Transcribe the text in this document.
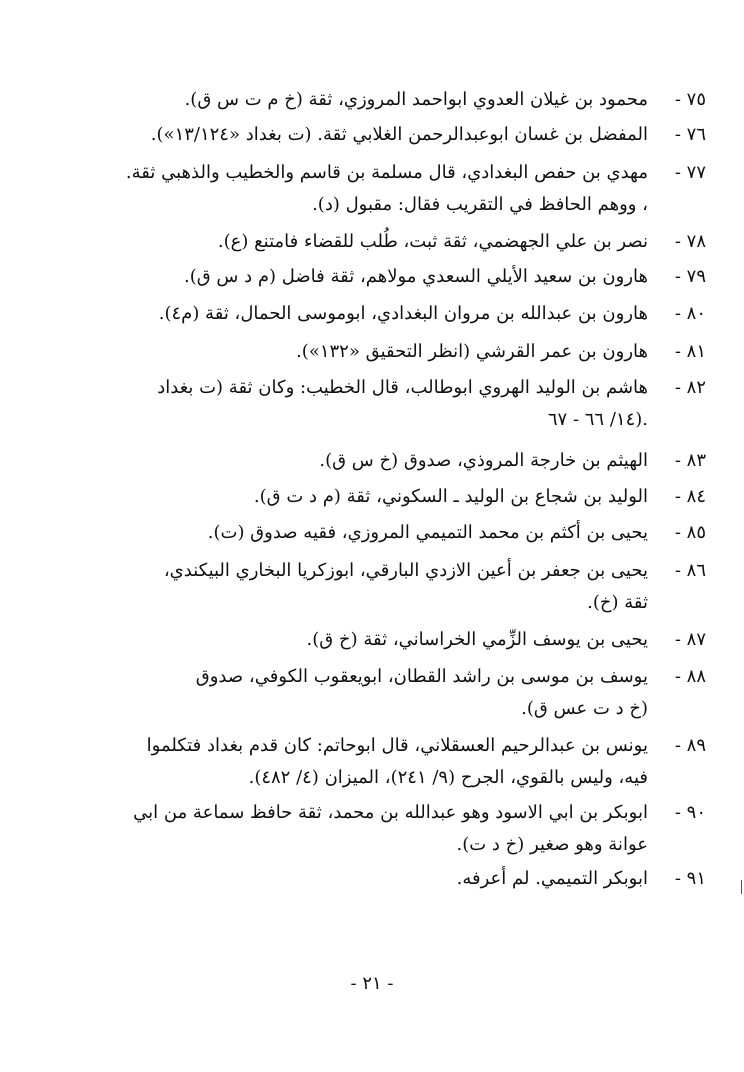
٧٥ -
محمود بن غيلان العدوي ابواحمد المروزي، ثقة (خ م ت س ق).
٧٦ -
المفضل بن غسان ابوعبدالرحمن الغلابي ثقة. (ت بغداد «١٣/١٢٤»).
٧٧ -
مهدي بن حفص البغدادي، قال مسلمة بن قاسم والخطيب والذهبي ثقة.
، ووهم الحافظ في التقريب فقال: مقبول (د).
٧٨ -
نصر بن علي الجهضمي، ثقة ثبت، طُلب للقضاء فامتنع (ع).
٧٩ -
هارون بن سعيد الأيلي السعدي مولاهم، ثقة فاضل (م د س ق).
٨٠ -
هارون بن عبدالله بن مروان البغدادي، ابوموسى الحمال، ثقة (م٤).
٨١ -
هارون بن عمر القرشي (انظر التحقيق «١٣٢»).
٨٢ -
هاشم بن الوليد الهروي ابوطالب، قال الخطيب: وكان ثقة (ت بغداد
١٤/ ٦٦ - ٦٧).
٨٣ -
الهيثم بن خارجة المروذي، صدوق (خ س ق).
٨٤ -
الوليد بن شجاع بن الوليد ـ السكوني، ثقة (م د ت ق).
٨٥ -
يحيى بن أكثم بن محمد التميمي المروزي، فقيه صدوق (ت).
٨٦ -
يحيى بن جعفر بن أعين الازدي البارقي، ابوزكريا البخاري البيكندي،
ثقة (خ).
٨٧ -
يحيى بن يوسف الزِّمي الخراساني، ثقة (خ ق).
٨٨ -
يوسف بن موسى بن راشد القطان، ابويعقوب الكوفي، صدوق
(خ د ت عس ق).
٨٩ -
يونس بن عبدالرحيم العسقلاني، قال ابوحاتم: كان قدم بغداد فتكلموا
فيه، وليس بالقوي، الجرح (٩/ ٢٤١)، الميزان (٤/ ٤٨٢).
٩٠ -
ابوبكر بن ابي الاسود وهو عبدالله بن محمد، ثقة حافظ سماعة من ابي
عوانة وهو صغير (خ د ت).
٩١ -
ابوبكر التميمي. لم أعرفه.
- ٢١ -
